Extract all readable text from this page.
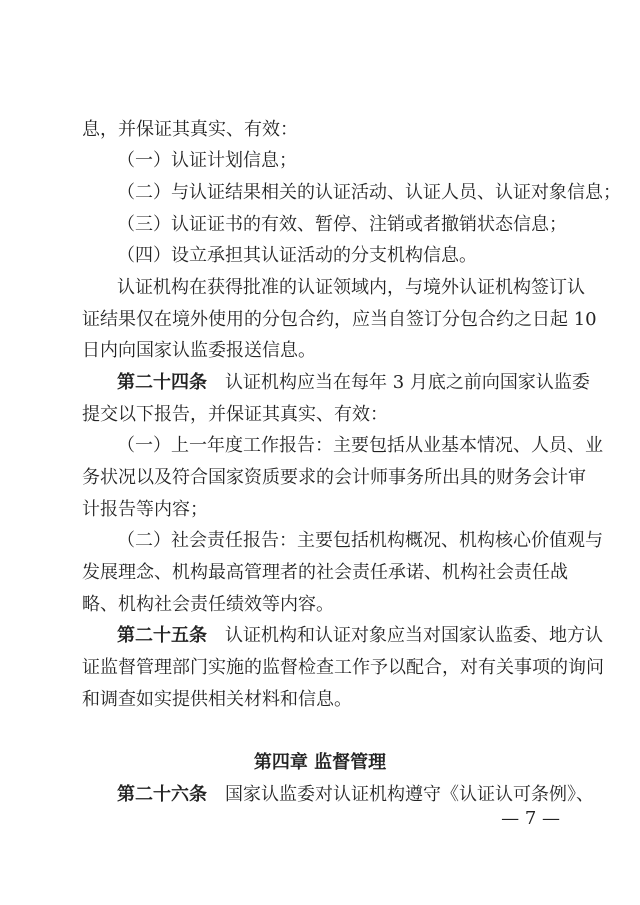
息，并保证其真实、有效：
（一）认证计划信息；
（二）与认证结果相关的认证活动、认证人员、认证对象信息；
（三）认证证书的有效、暂停、注销或者撤销状态信息；
（四）设立承担其认证活动的分支机构信息。
认证机构在获得批准的认证领域内，与境外认证机构签订认
证结果仅在境外使用的分包合约，应当自签订分包合约之日起 10
日内向国家认监委报送信息。
第二十四条 认证机构应当在每年 3 月底之前向国家认监委
提交以下报告，并保证其真实、有效：
（一）上一年度工作报告：主要包括从业基本情况、人员、业
务状况以及符合国家资质要求的会计师事务所出具的财务会计审
计报告等内容；
（二）社会责任报告：主要包括机构概况、机构核心价值观与
发展理念、机构最高管理者的社会责任承诺、机构社会责任战
略、机构社会责任绩效等内容。
第二十五条 认证机构和认证对象应当对国家认监委、地方认
证监督管理部门实施的监督检查工作予以配合，对有关事项的询问
和调查如实提供相关材料和信息。
第四章 监督管理
第二十六条 国家认监委对认证机构遵守《认证认可条例》、
— 7 —
